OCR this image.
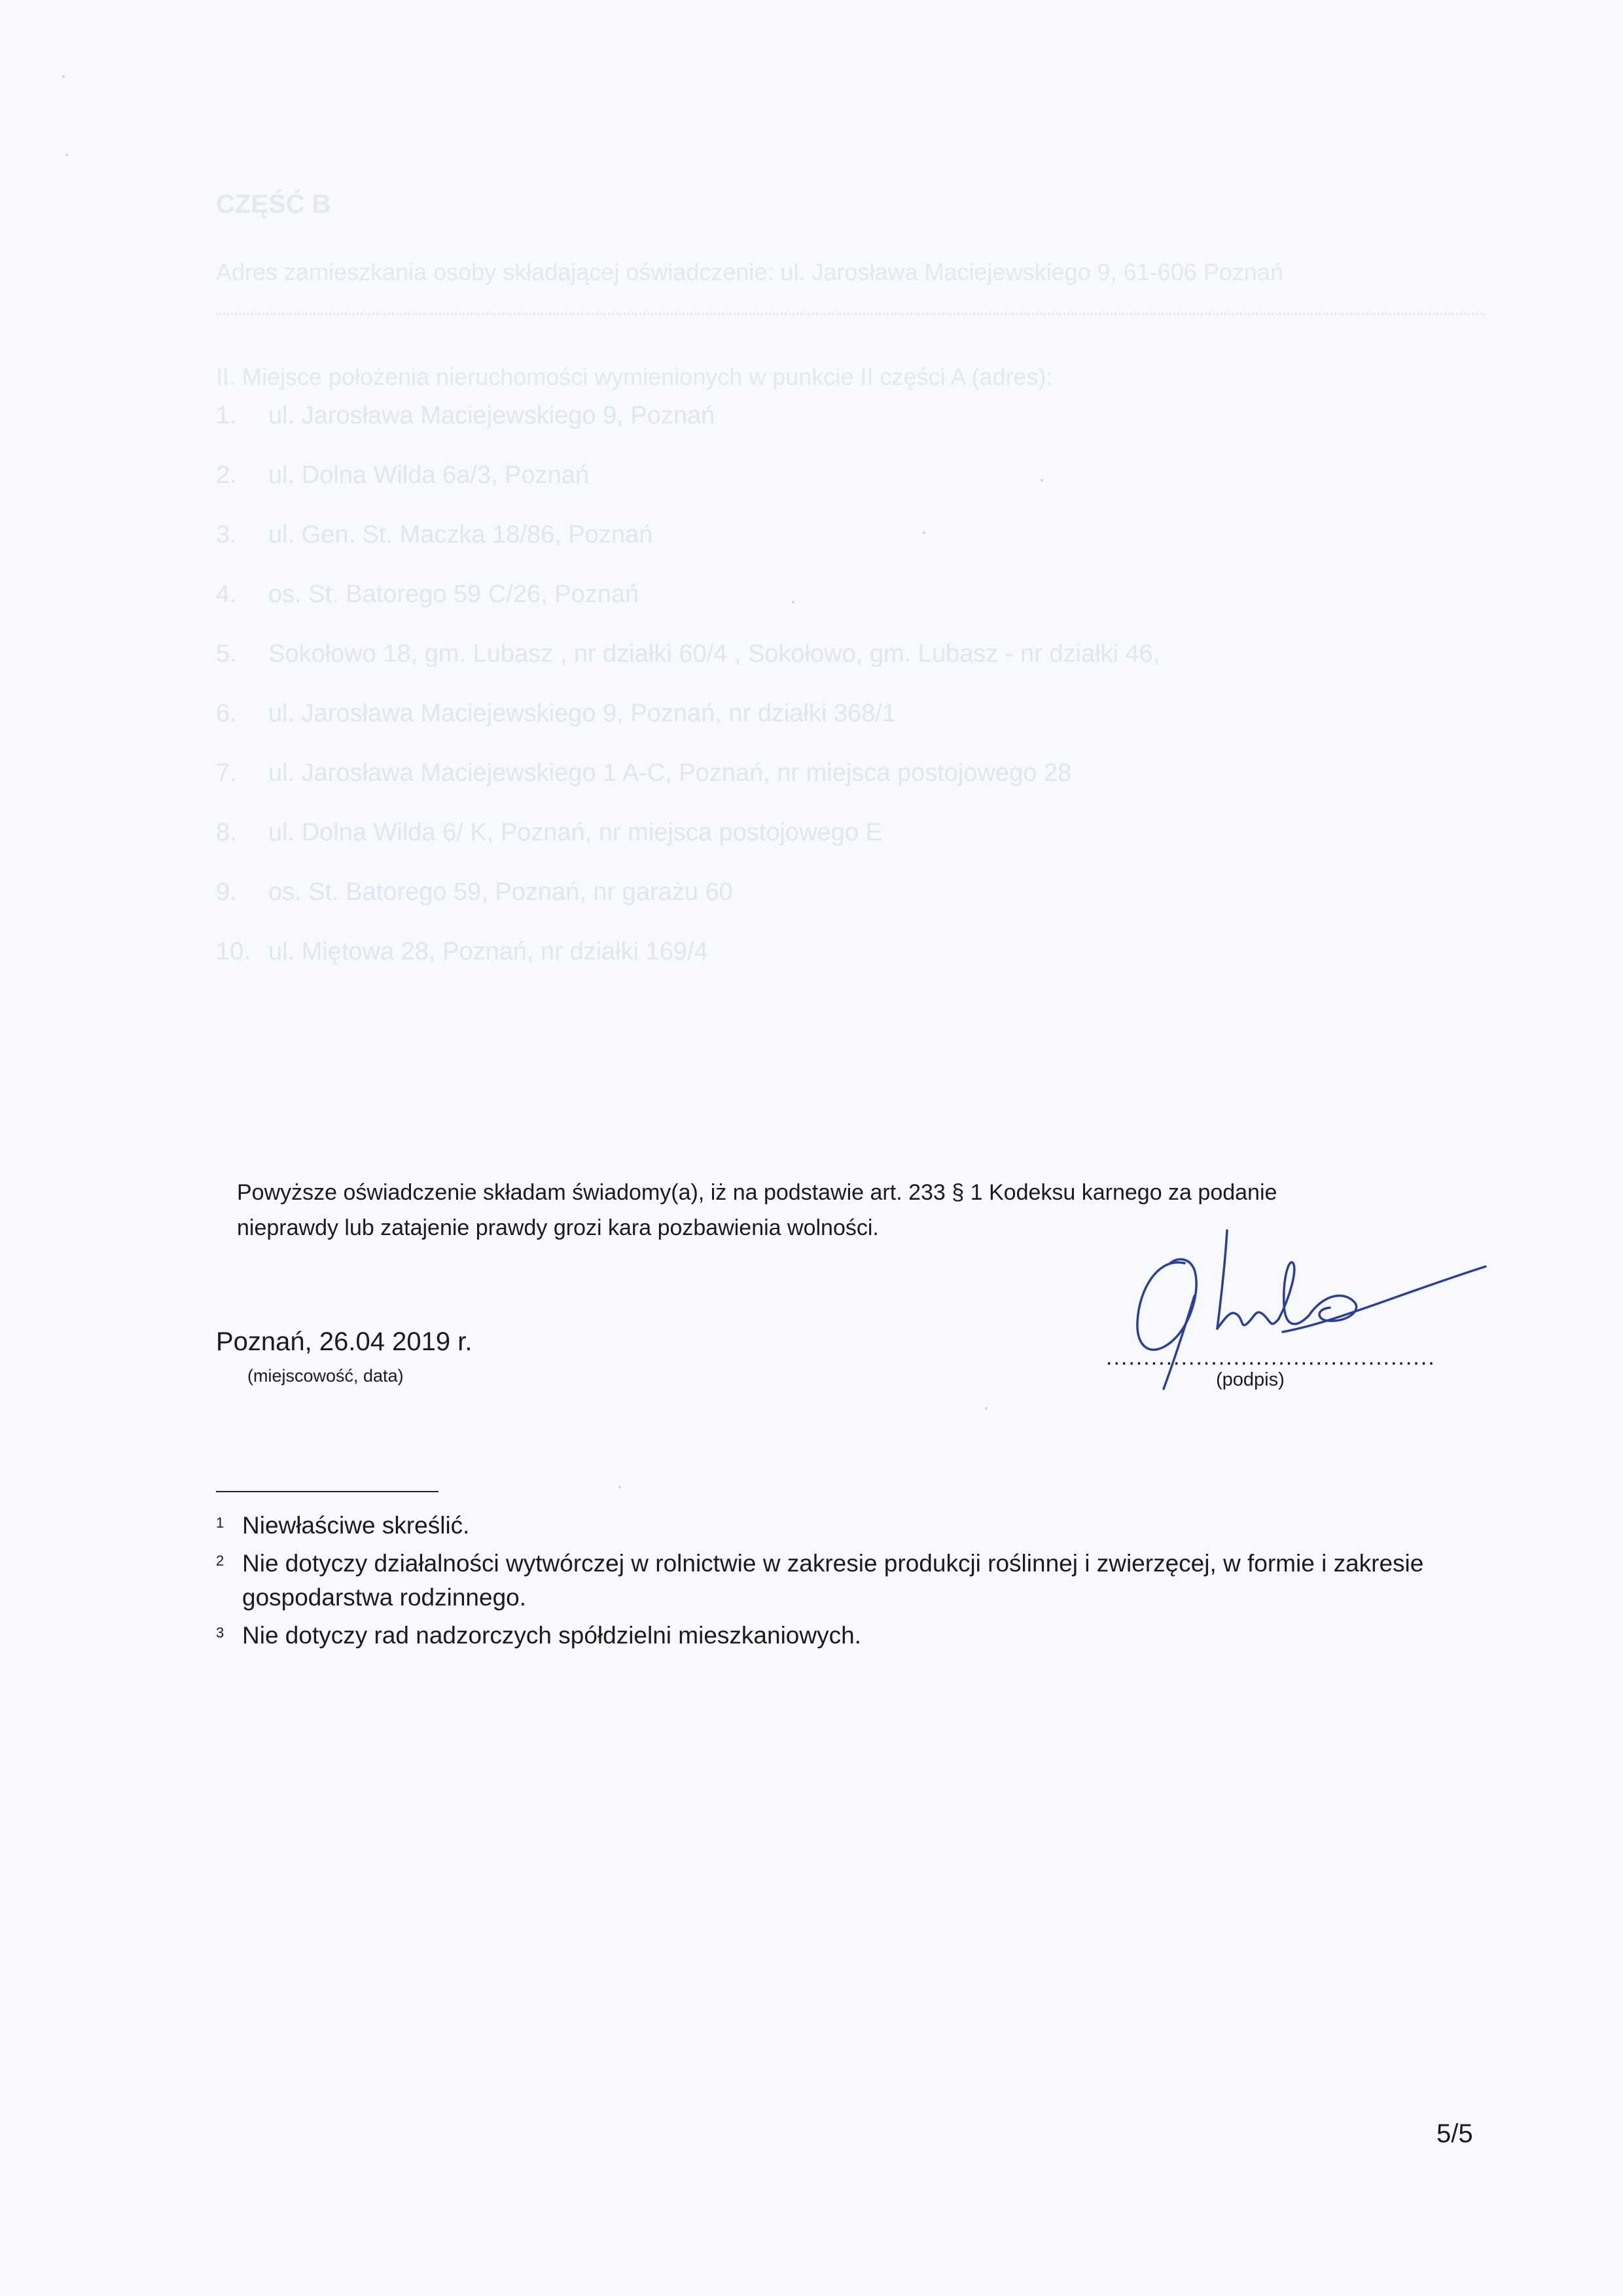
CZĘŚĆ B
Adres zamieszkania osoby składającej oświadczenie: ul. Jarosława Maciejewskiego 9, 61-606 Poznań
II. Miejsce położenia nieruchomości wymienionych w punkcie II części A (adres):
1. ul. Jarosława Maciejewskiego 9, Poznań
2. ul. Dolna Wilda 6a/3, Poznań
3. ul. Gen. St. Maczka 18/86, Poznań
4. os. St. Batorego 59 C/26, Poznań
5. Sokołowo 18, gm. Lubasz , nr działki 60/4 , Sokołowo, gm. Lubasz - nr działki 46,
6. ul. Jarosława Maciejewskiego 9, Poznań, nr działki 368/1
7. ul. Jarosława Maciejewskiego 1 A-C, Poznań, nr miejsca postojowego 28
8. ul. Dolna Wilda 6/ K, Poznań, nr miejsca postojowego E
9. os. St. Batorego 59, Poznań, nr garażu 60
10. ul. Miętowa 28, Poznań, nr działki 169/4
Powyższe oświadczenie składam świadomy(a), iż na podstawie art. 233 § 1 Kodeksu karnego za podanie
nieprawdy lub zatajenie prawdy grozi kara pozbawienia wolności.
Poznań, 26.04 2019 r.
(miejscowość, data)
............................................
(podpis)
1 Niewłaściwe skreślić.
2 Nie dotyczy działalności wytwórczej w rolnictwie w zakresie produkcji roślinnej i zwierzęcej, w formie i zakresie gospodarstwa rodzinnego.
3 Nie dotyczy rad nadzorczych spółdzielni mieszkaniowych.
5/5
